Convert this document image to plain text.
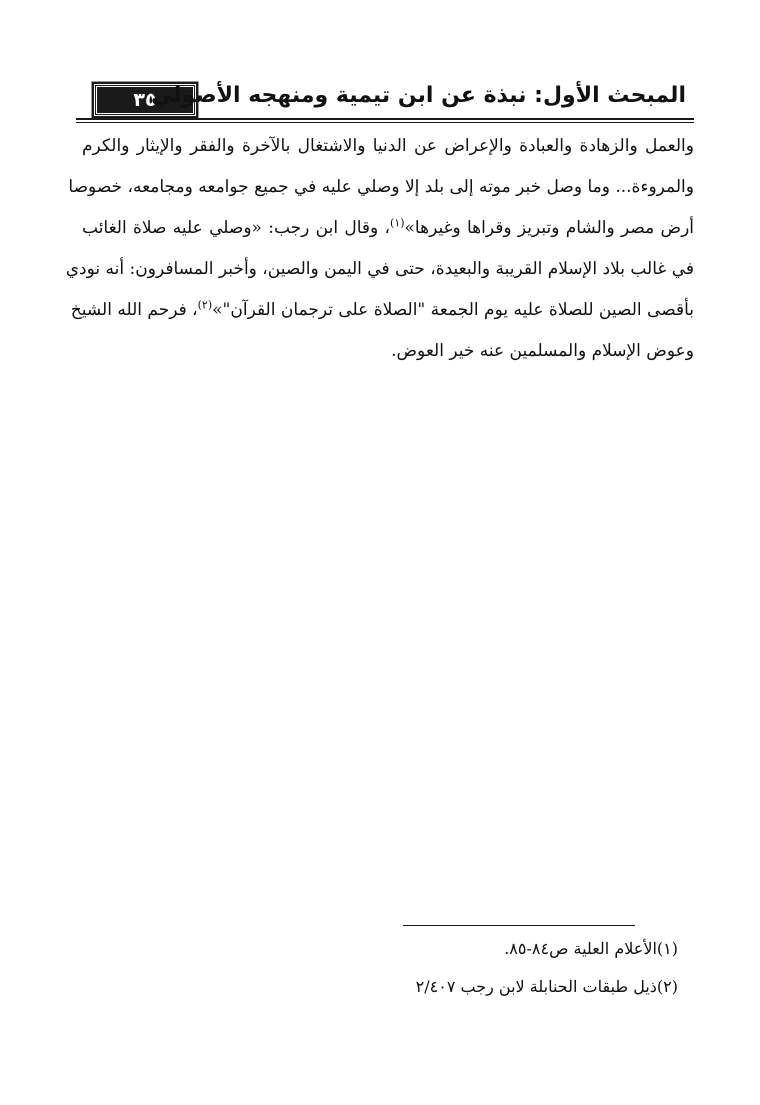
٣٥
المبحث الأول: نبذة عن ابن تيمية ومنهجه الأصولي
والعمل والزهادة والعبادة والإعراض عن الدنيا والاشتغال بالآخرة والفقر والإيثار والكرم
والمروءة... وما وصل خبر موته إلى بلد إلا وصلي عليه في جميع جوامعه ومجامعه، خصوصا
أرض مصر والشام وتبريز وقراها وغيرها»$^{(١)}$، وقال ابن رجب: «وصلي عليه صلاة الغائب
في غالب بلاد الإسلام القريبة والبعيدة، حتى في اليمن والصين، وأخبر المسافرون: أنه نودي
بأقصى الصين للصلاة عليه يوم الجمعة "الصلاة على ترجمان القرآن"»$^{(٢)}$، فرحم الله الشيخ
وعوض الإسلام والمسلمين عنه خير العوض.
(١)الأعلام العلية ص٨٤-٨٥.
(٢)ذيل طبقات الحنابلة لابن رجب ٢/٤٠٧
